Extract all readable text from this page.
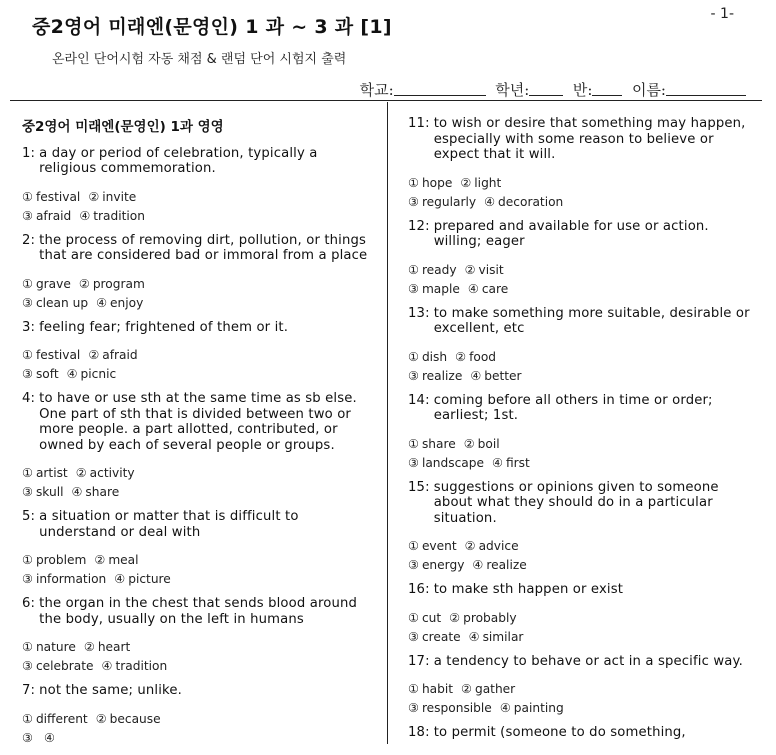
- 1-
중2영어 미래엔(문영인) 1 과 ~ 3 과 [1]
온라인 단어시험 자동 채점 & 랜덤 단어 시험지 출력
학교:	학년:	반:	이름:
중2영어 미래엔(문영인) 1과 영영
1: a day or period of celebration, typically a religious commemoration.
① festival ② invite
③ afraid ④ tradition
2: the process of removing dirt, pollution, or things that are considered bad or immoral from a place
① grave ② program
③ clean up ④ enjoy
3: feeling fear; frightened of them or it.
① festival ② afraid
③ soft ④ picnic
4: to have or use sth at the same time as sb else. One part of sth that is divided between two or more people. a part allotted, contributed, or owned by each of several people or groups.
① artist ② activity
③ skull ④ share
5: a situation or matter that is difficult to understand or deal with
① problem ② meal
③ information ④ picture
6: the organ in the chest that sends blood around the body, usually on the left in humans
① nature ② heart
③ celebrate ④ tradition
7: not the same; unlike.
① different ② because
③ ④
11: to wish or desire that something may happen, especially with some reason to believe or expect that it will.
① hope ② light
③ regularly ④ decoration
12: prepared and available for use or action. willing; eager
① ready ② visit
③ maple ④ care
13: to make something more suitable, desirable or excellent, etc
① dish ② food
③ realize ④ better
14: coming before all others in time or order; earliest; 1st.
① share ② boil
③ landscape ④ first
15: suggestions or opinions given to someone about what they should do in a particular situation.
① event ② advice
③ energy ④ realize
16: to make sth happen or exist
① cut ② probably
③ create ④ similar
17: a tendency to behave or act in a specific way.
① habit ② gather
③ responsible ④ painting
18: to permit (someone to do something,
